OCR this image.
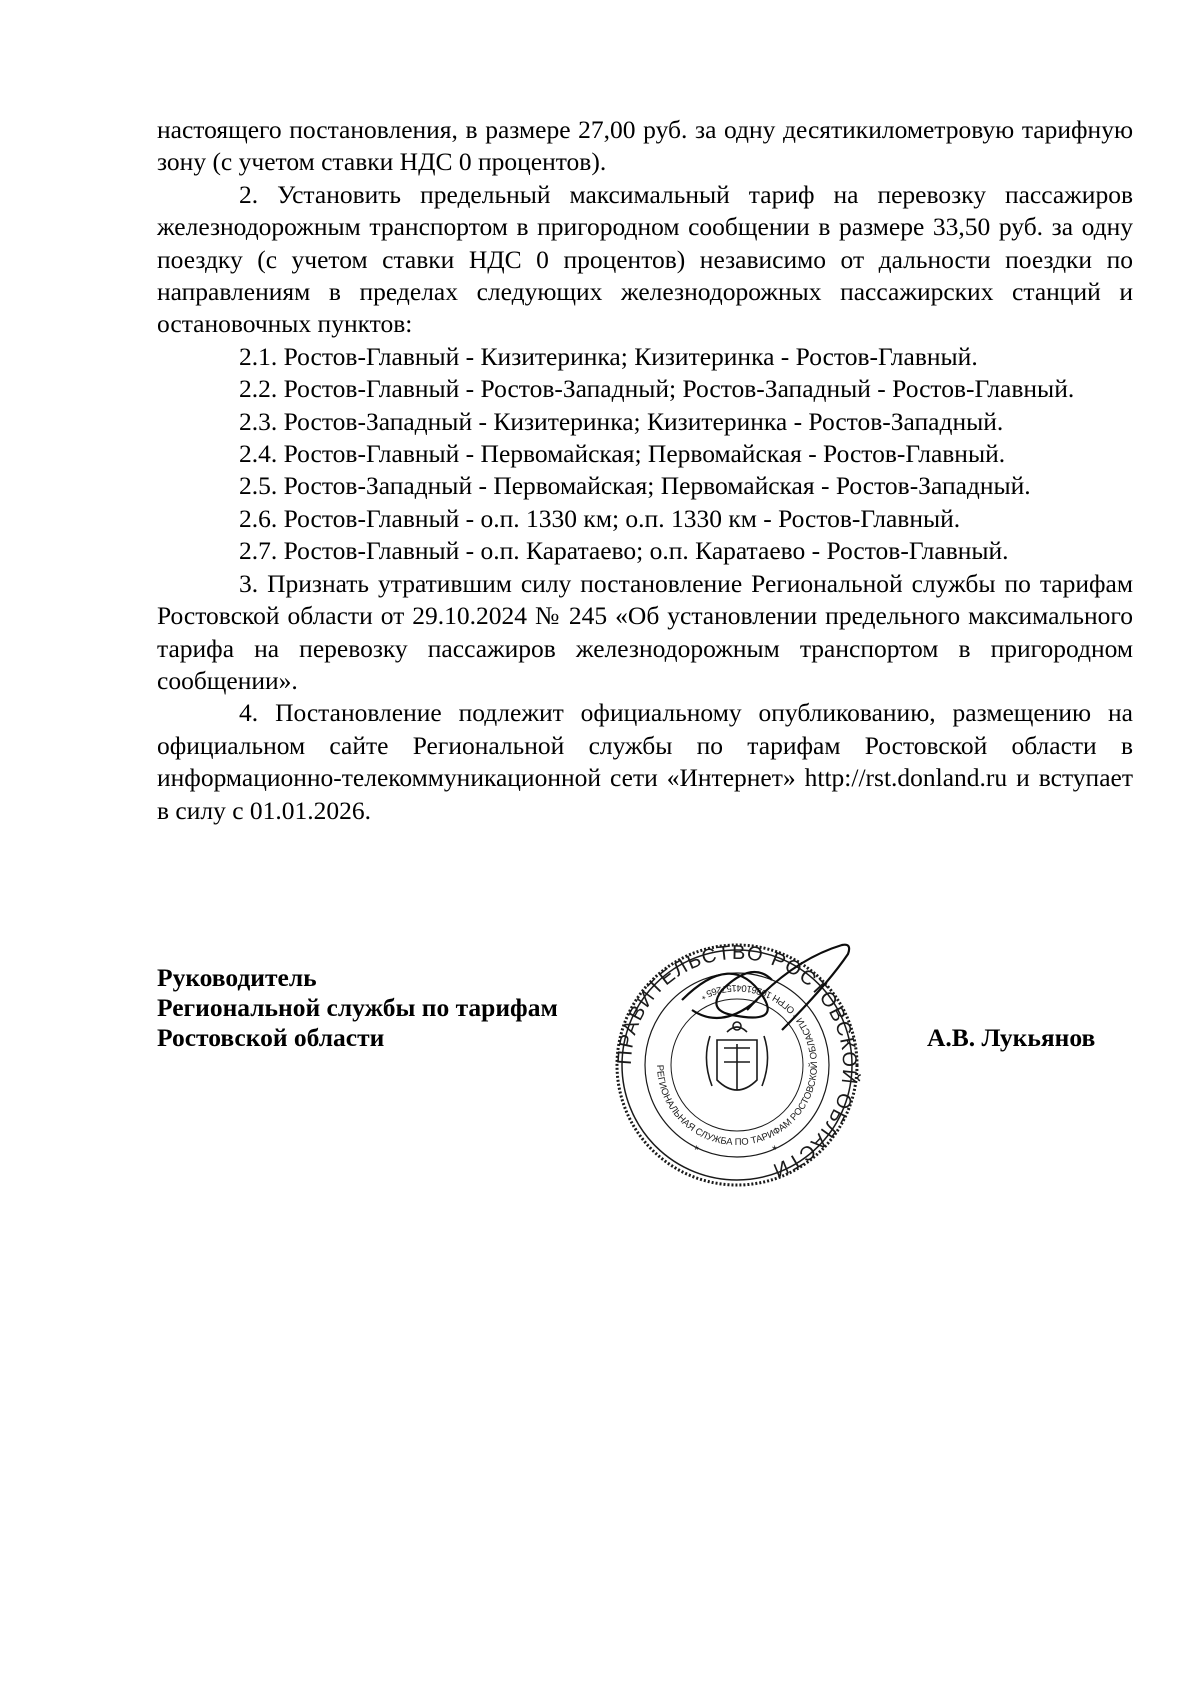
настоящего постановления, в размере 27,00 руб. за одну десятикилометровую тарифную зону (с учетом ставки НДС 0 процентов).

2. Установить предельный максимальный тариф на перевозку пассажиров железнодорожным транспортом в пригородном сообщении в размере 33,50 руб. за одну поездку (с учетом ставки НДС 0 процентов) независимо от дальности поездки по направлениям в пределах следующих железнодорожных пассажирских станций и остановочных пунктов:

2.1. Ростов-Главный - Кизитеринка; Кизитеринка - Ростов-Главный.

2.2. Ростов-Главный - Ростов-Западный; Ростов-Западный - Ростов-Главный.

2.3. Ростов-Западный - Кизитеринка; Кизитеринка - Ростов-Западный.

2.4. Ростов-Главный - Первомайская; Первомайская - Ростов-Главный.

2.5. Ростов-Западный - Первомайская; Первомайская - Ростов-Западный.

2.6. Ростов-Главный - о.п. 1330 км; о.п. 1330 км - Ростов-Главный.

2.7. Ростов-Главный - о.п. Каратаево; о.п. Каратаево - Ростов-Главный.

3. Признать утратившим силу постановление Региональной службы по тарифам Ростовской области от 29.10.2024 № 245 «Об установлении предельного максимального тарифа на перевозку пассажиров железнодорожным транспортом в пригородном сообщении».

4. Постановление подлежит официальному опубликованию, размещению на официальном сайте Региональной службы по тарифам Ростовской области в информационно-телекоммуникационной сети «Интернет» http://rst.donland.ru и вступает в силу с 01.01.2026.

ПРАВИТЕЛЬСТВО РОСТОВСКОЙ ОБЛАСТИ
РЕГИОНАЛЬНАЯ СЛУЖБА ПО ТАРИФАМ РОСТОВСКОЙ ОБЛАСТИ * ОГРН 1026104157265 *
*	*
Руководитель
Региональной службы по тарифам
Ростовской области	А.В. Лукьянов
